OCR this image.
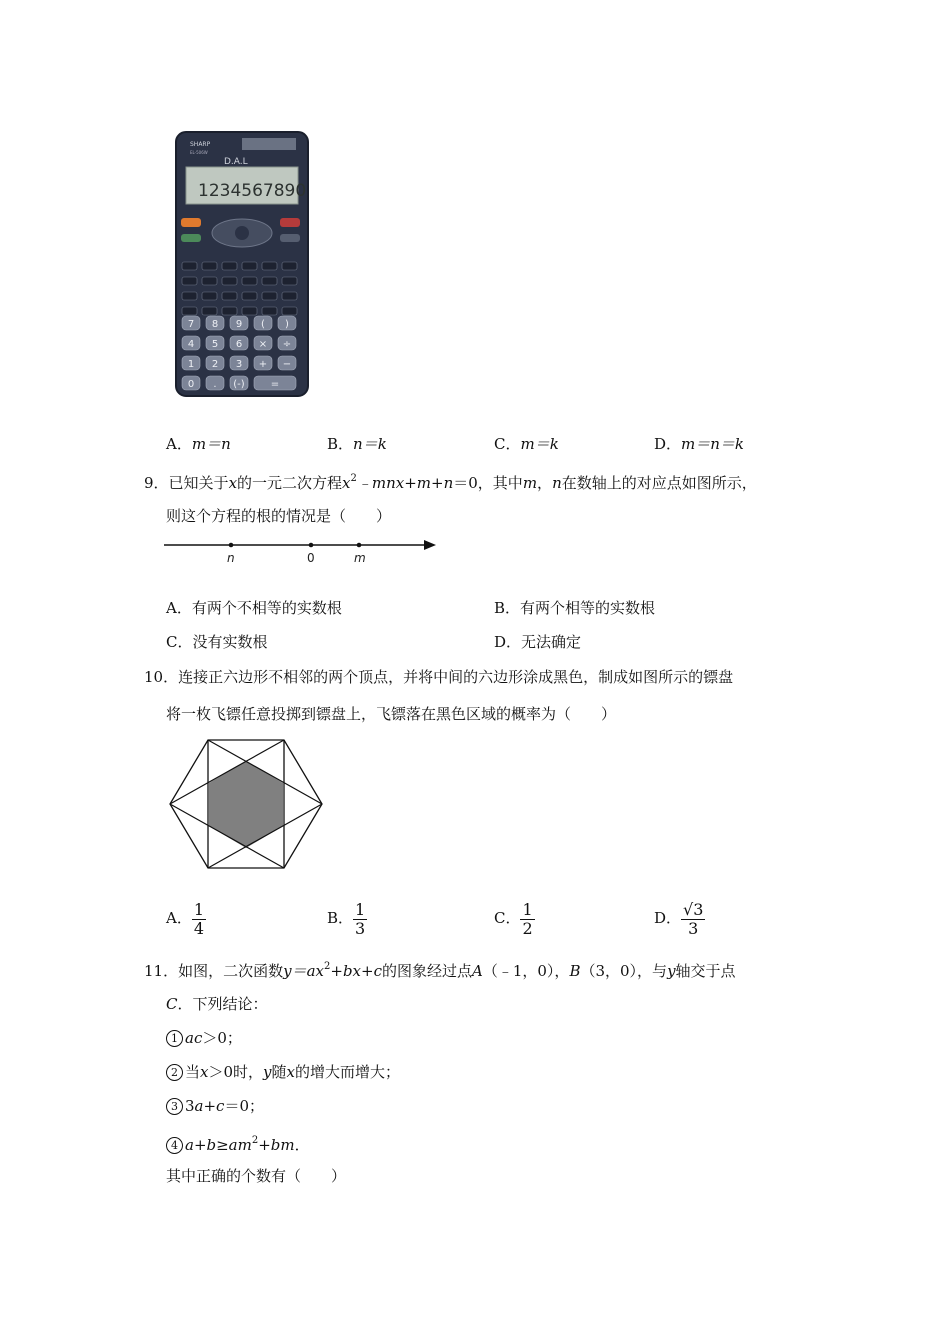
SHARP
EL-506W
D.A.L
1234567890
7 8 9 ( )
4 5 6 × ÷
1 2 3 + −
0 . (-)	=
A．m＝n	B．n＝k	C．m＝k	D．m＝n＝k
9．已知关于x的一元二次方程$x^2﹣mnx+m+n=0$，其中m，n在数轴上的对应点如图所示，
则这个方程的根的情况是（　　）
n	0	m
A．有两个不相等的实数根	B．有两个相等的实数根
C．没有实数根	D．无法确定
10．连接正六边形不相邻的两个顶点，并将中间的六边形涂成黑色，制成如图所示的镖盘
将一枚飞镖任意投掷到镖盘上，飞镖落在黑色区域的概率为（　　）
A． $\frac{1}{4}$	B． $\frac{1}{3}$	C． $\frac{1}{2}$	D． $\frac{√3}{3}$
11．如图，二次函数$y=ax^2+bx+c$的图象经过点A（﹣1，0），B（3，0），与y轴交于点
C．下列结论：
1 ac＞0；
2 当x＞0时，y随x的增大而增大；
3 3a+c＝0；
4 $a+b\ge am^2+bm$．
其中正确的个数有（　　）
